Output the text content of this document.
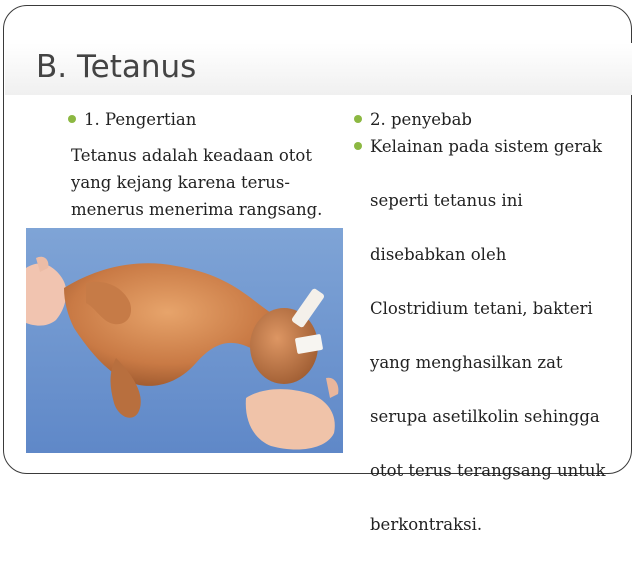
B. Tetanus
1. Pengertian
Tetanus adalah keadaan otot
yang kejang karena terus-
menerus menerima rangsang.
2. penyebab
Kelainan pada sistem gerak

seperti tetanus ini

disebabkan oleh

Clostridium tetani, bakteri

yang menghasilkan zat

serupa asetilkolin sehingga

otot terus terangsang untuk

berkontraksi.
